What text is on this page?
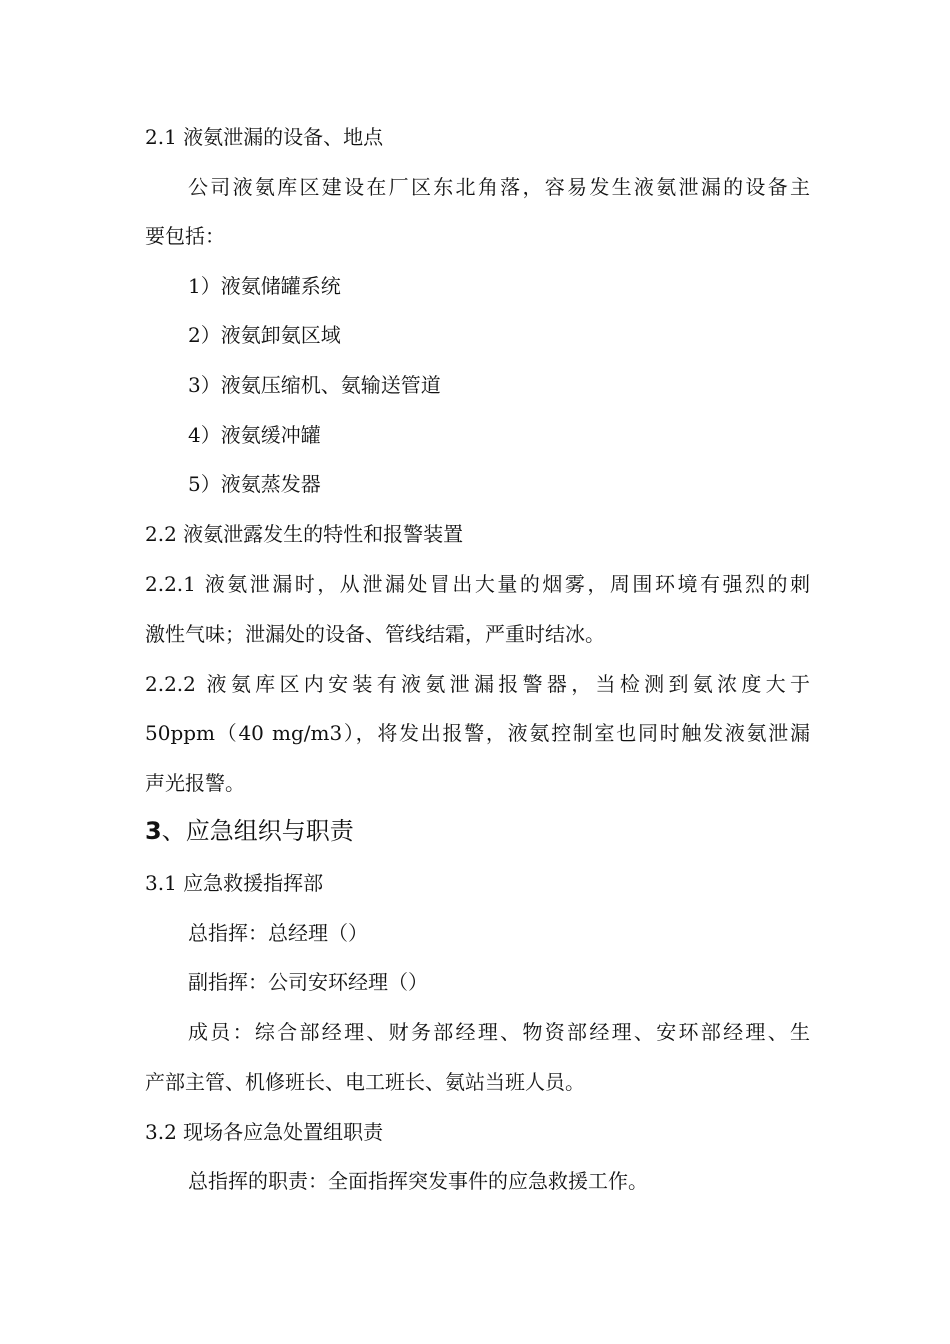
2.1 液氨泄漏的设备、地点
公司液氨库区建设在厂区东北角落，容易发生液氨泄漏的设备主
要包括：
1）液氨储罐系统
2）液氨卸氨区域
3）液氨压缩机、氨输送管道
4）液氨缓冲罐
5）液氨蒸发器
2.2 液氨泄露发生的特性和报警装置
2.2.1 液氨泄漏时，从泄漏处冒出大量的烟雾，周围环境有强烈的刺
激性气味；泄漏处的设备、管线结霜，严重时结冰。
2.2.2 液氨库区内安装有液氨泄漏报警器，当检测到氨浓度大于
50ppm（40 mg/m3），将发出报警，液氨控制室也同时触发液氨泄漏
声光报警。
3、应急组织与职责
3.1 应急救援指挥部
总指挥：总经理（）
副指挥：公司安环经理（）
成员：综合部经理、财务部经理、物资部经理、安环部经理、生
产部主管、机修班长、电工班长、氨站当班人员。
3.2 现场各应急处置组职责
总指挥的职责：全面指挥突发事件的应急救援工作。
